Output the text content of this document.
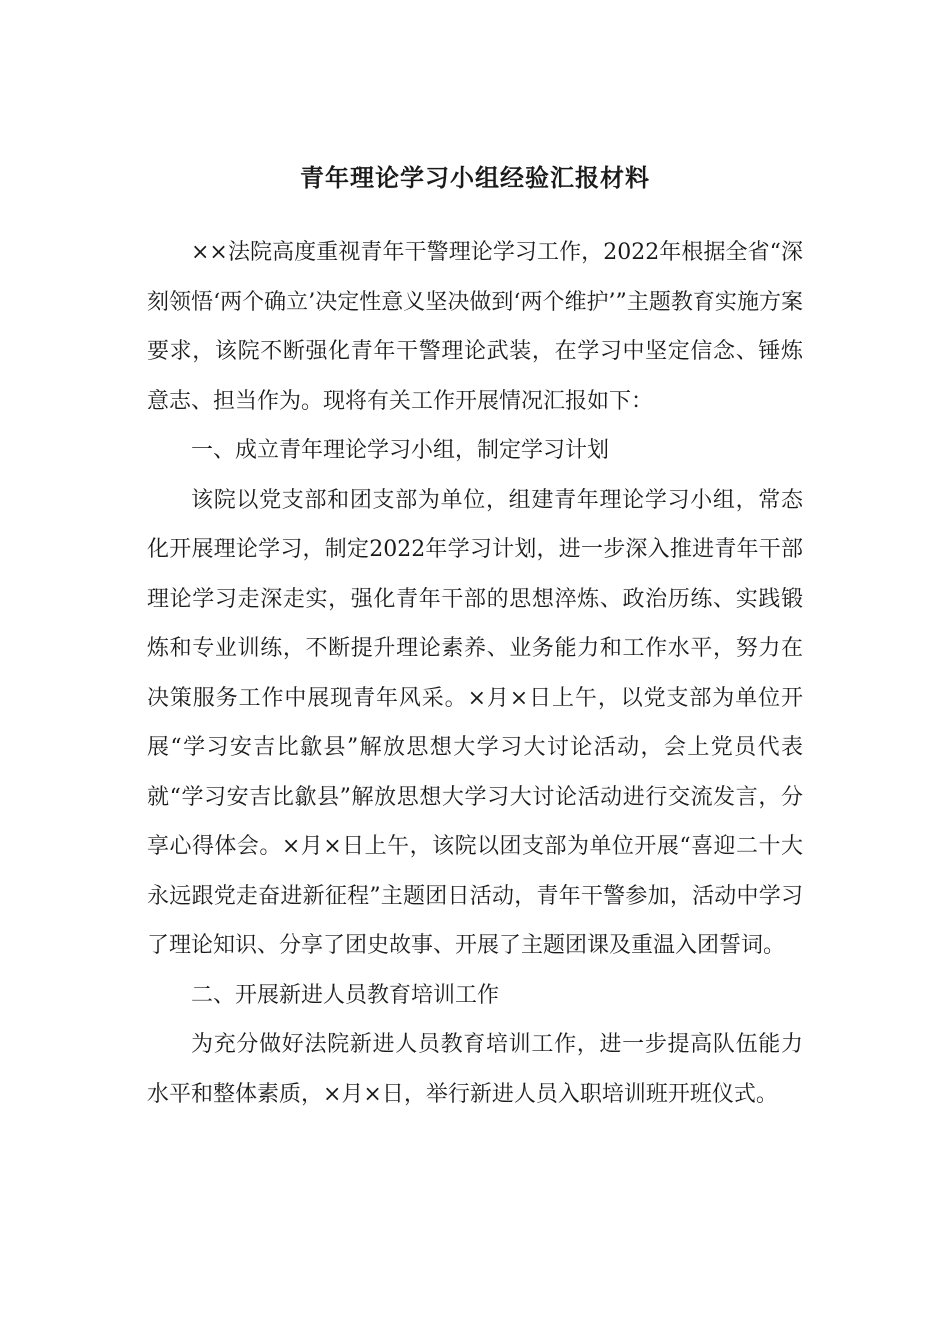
青年理论学习小组经验汇报材料

××法院高度重视青年干警理论学习工作，2022年根据全省“深刻领悟‘两个确立’决定性意义坚决做到‘两个维护’”主题教育实施方案要求，该院不断强化青年干警理论武装，在学习中坚定信念、锤炼意志、担当作为。现将有关工作开展情况汇报如下：

一、成立青年理论学习小组，制定学习计划

该院以党支部和团支部为单位，组建青年理论学习小组，常态化开展理论学习，制定2022年学习计划，进一步深入推进青年干部理论学习走深走实，强化青年干部的思想淬炼、政治历练、实践锻炼和专业训练，不断提升理论素养、业务能力和工作水平，努力在决策服务工作中展现青年风采。×月×日上午，以党支部为单位开展“学习安吉比歙县”解放思想大学习大讨论活动，会上党员代表就“学习安吉比歙县”解放思想大学习大讨论活动进行交流发言，分享心得体会。×月×日上午，该院以团支部为单位开展“喜迎二十大永远跟党走奋进新征程”主题团日活动，青年干警参加，活动中学习了理论知识、分享了团史故事、开展了主题团课及重温入团誓词。

二、开展新进人员教育培训工作

为充分做好法院新进人员教育培训工作，进一步提高队伍能力水平和整体素质，×月×日，举行新进人员入职培训班开班仪式。
